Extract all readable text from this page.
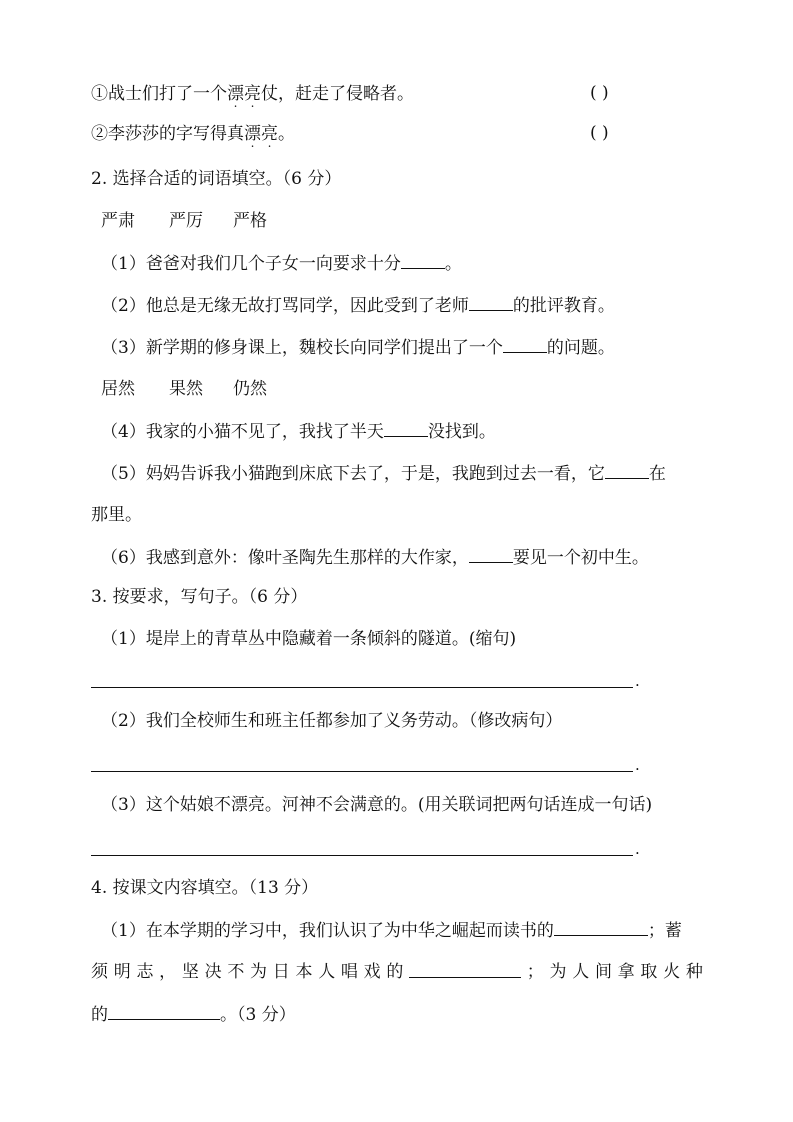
①战士们打了一个漂亮仗，赶走了侵略者。	( )
②李莎莎的字写得真漂亮。	( )
2. 选择合适的词语填空。（6 分）
严肃 严厉 严格
（1）爸爸对我们几个子女一向要求十分	。
（2）他总是无缘无故打骂同学，因此受到了老师	的批评教育。
（3）新学期的修身课上，魏校长向同学们提出了一个	的问题。
居然 果然 仍然
（4）我家的小猫不见了，我找了半天	没找到。
（5）妈妈告诉我小猫跑到床底下去了，于是，我跑到过去一看，它	在
那里。
（6）我感到意外：像叶圣陶先生那样的大作家，	要见一个初中生。
3. 按要求，写句子。（6 分）
（1）堤岸上的青草丛中隐藏着一条倾斜的隧道。(缩句)
.
（2）我们全校师生和班主任都参加了义务劳动。（修改病句）
.
（3）这个姑娘不漂亮。河神不会满意的。(用关联词把两句话连成一句话)
.
4. 按课文内容填空。（13 分）
（1）在本学期的学习中，我们认识了为中华之崛起而读书的	；蓄
须 明 志 ， 坚 决 不 为 日 本 人 唱 戏 的	； 为 人 间 拿 取 火 种
的	。（3 分）
